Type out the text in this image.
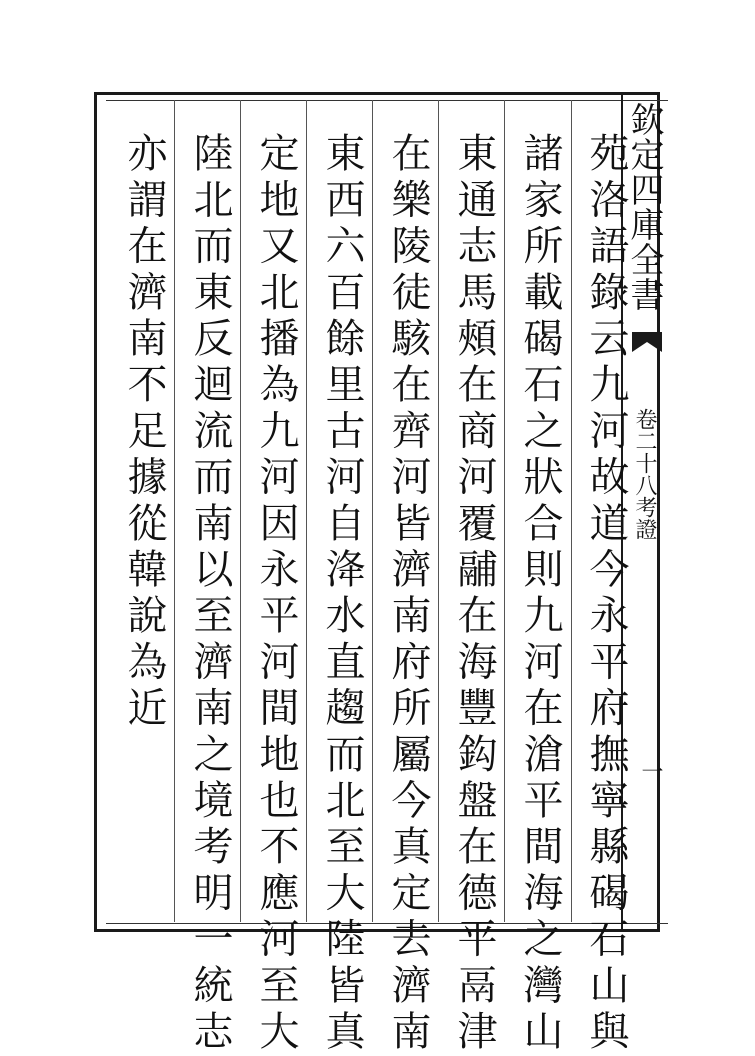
欽定四庫全書
卷二十八考證
一
苑洛語錄云九河故道今永平府撫寧縣碣石山與
諸家所載碣石之狀合則九河在滄平間海之灣山
東通志馬頰在商河覆鬴在海豐鈎盤在德平鬲津
在樂陵徒駭在齊河皆濟南府所屬今真定去濟南
東西六百餘里古河自洚水直趨而北至大陸皆真
定地又北播為九河因永平河間地也不應河至大
陸北而東反迴流而南以至濟南之境考明一統志
亦謂在濟南不足據從韓說為近
